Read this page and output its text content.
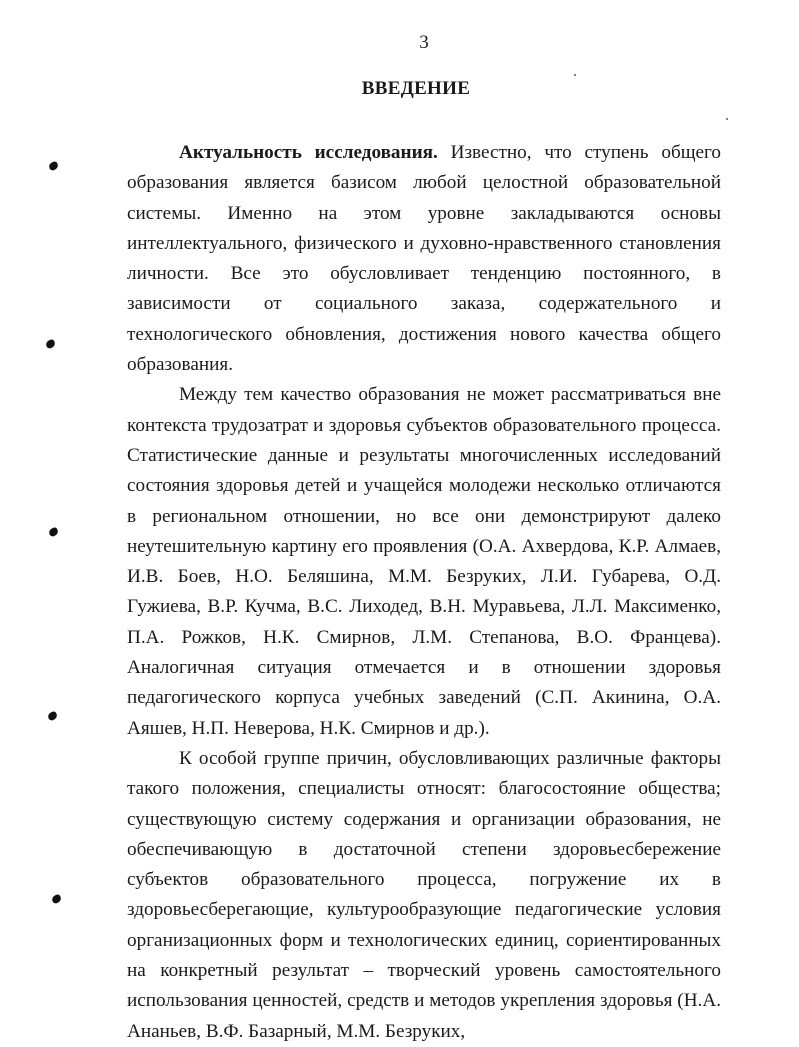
3
ВВЕДЕНИЕ

Актуальность исследования. Известно, что ступень общего образования является базисом любой целостной образовательной системы. Именно на этом уровне закладываются основы интеллектуального, физического и духовно-нравственного становления личности. Все это обусловливает тенденцию постоянного, в зависимости от социального заказа, содержательного и технологического обновления, достижения нового качества общего образования.

Между тем качество образования не может рассматриваться вне контекста трудозатрат и здоровья субъектов образовательного процесса. Статистические данные и результаты многочисленных исследований состояния здоровья детей и учащейся молодежи несколько отличаются в региональном отношении, но все они демонстрируют далеко неутешительную картину его проявления (О.А. Ахвердова, К.Р. Алмаев, И.В. Боев, Н.О. Беляшина, М.М. Безруких, Л.И. Губарева, О.Д. Гужиева, В.Р. Кучма, В.С. Лиходед, В.Н. Муравьева, Л.Л. Максименко, П.А. Рожков, Н.К. Смирнов, Л.М. Степанова, В.О. Францева). Аналогичная ситуация отмечается и в отношении здоровья педагогического корпуса учебных заведений (С.П. Акинина, О.А. Аяшев, Н.П. Неверова, Н.К. Смирнов и др.).

К особой группе причин, обусловливающих различные факторы такого положения, специалисты относят: благосостояние общества; существующую систему содержания и организации образования, не обеспечивающую в достаточной степени здоровьесбережение субъектов образовательного процесса, погружение их в здоровьесберегающие, культурообразующие педагогические условия организационных форм и технологических единиц, сориентированных на конкретный результат – творческий уровень самостоятельного использования ценностей, средств и методов укрепления здоровья (Н.А. Ананьев, В.Ф. Базарный, М.М. Безруких,
